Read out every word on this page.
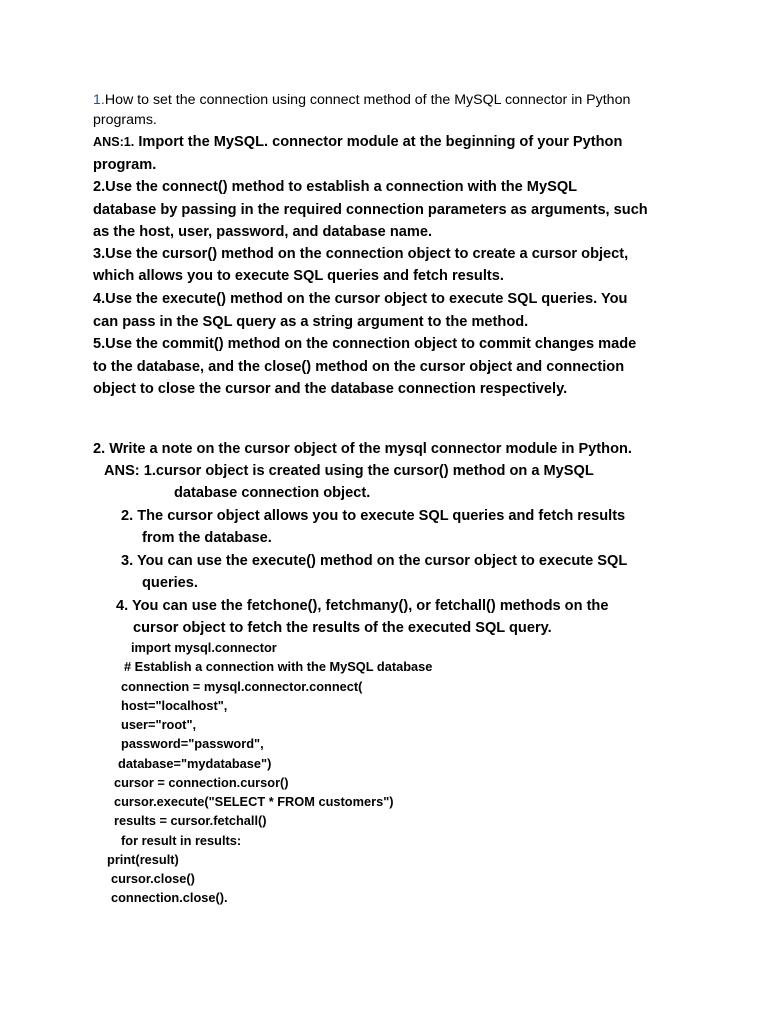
1.How to set the connection using connect method of the MySQL connector in Python
programs.
ANS:1. Import the MySQL. connector module at the beginning of your Python
program.
2.Use the connect() method to establish a connection with the MySQL
database by passing in the required connection parameters as arguments, such
as the host, user, password, and database name.
3.Use the cursor() method on the connection object to create a cursor object,
which allows you to execute SQL queries and fetch results.
4.Use the execute() method on the cursor object to execute SQL queries. You
can pass in the SQL query as a string argument to the method.
5.Use the commit() method on the connection object to commit changes made
to the database, and the close() method on the cursor object and connection
object to close the cursor and the database connection respectively.
2. Write a note on the cursor object of the mysql connector module in Python.
ANS: 1.cursor object is created using the cursor() method on a MySQL
database connection object.
2. The cursor object allows you to execute SQL queries and fetch results
from the database.
3. You can use the execute() method on the cursor object to execute SQL
queries.
4. You can use the fetchone(), fetchmany(), or fetchall() methods on the
cursor object to fetch the results of the executed SQL query.
import mysql.connector
# Establish a connection with the MySQL database
connection = mysql.connector.connect(
host="localhost",
user="root",
password="password",
database="mydatabase")
cursor = connection.cursor()
cursor.execute("SELECT * FROM customers")
results = cursor.fetchall()
for result in results:
print(result)
cursor.close()
connection.close().
